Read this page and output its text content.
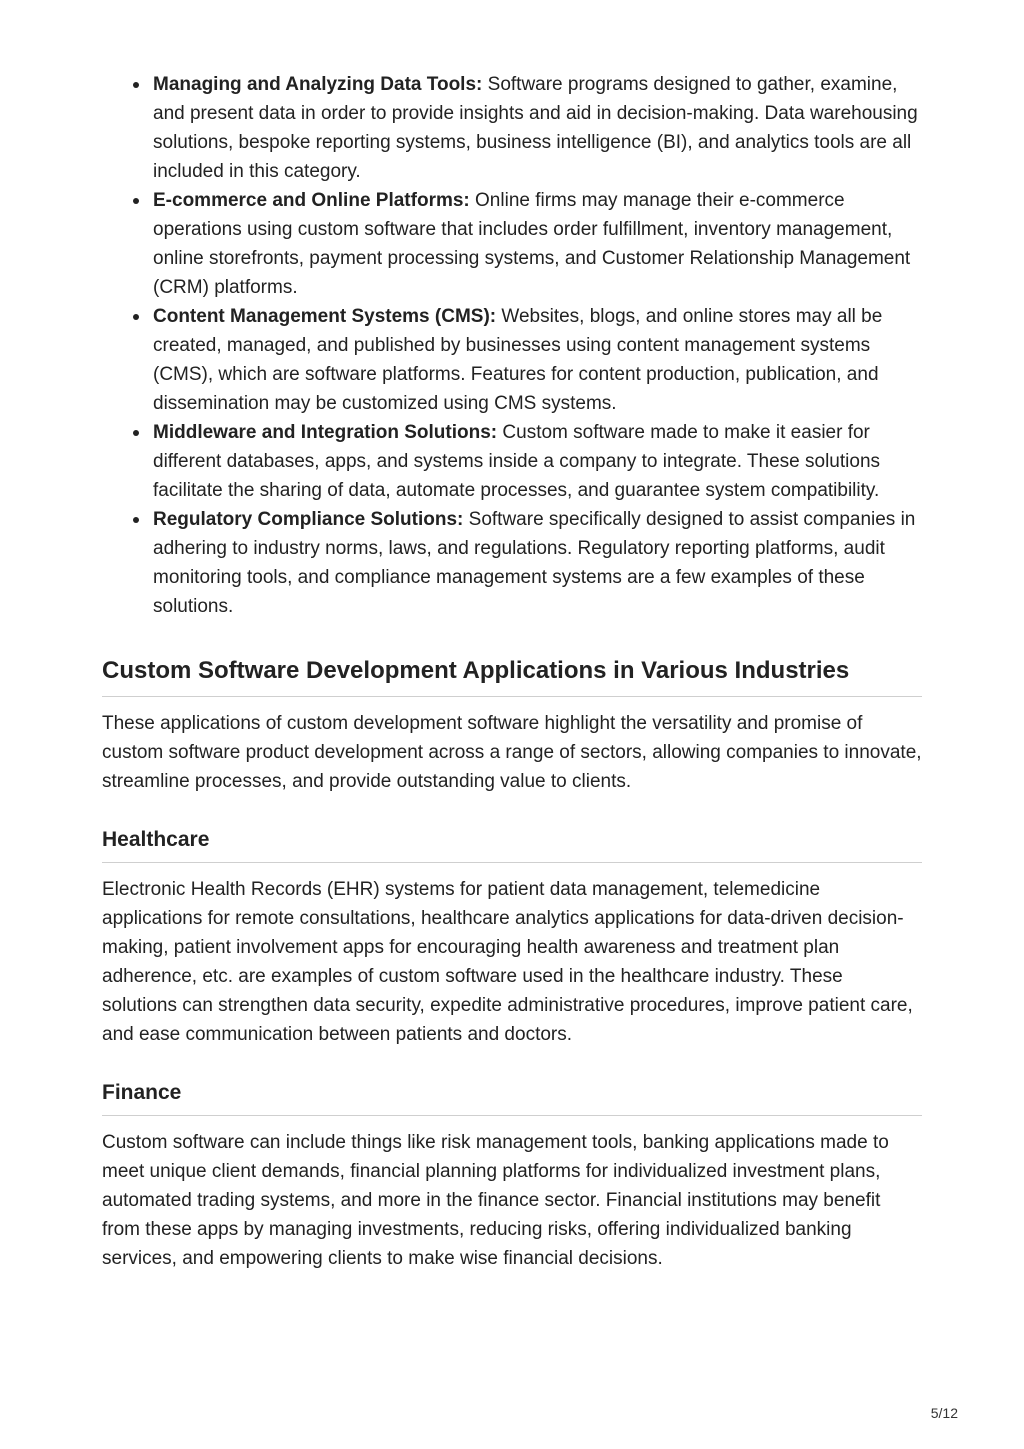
Managing and Analyzing Data Tools: Software programs designed to gather, examine, and present data in order to provide insights and aid in decision-making. Data warehousing solutions, bespoke reporting systems, business intelligence (BI), and analytics tools are all included in this category.
E-commerce and Online Platforms: Online firms may manage their e-commerce operations using custom software that includes order fulfillment, inventory management, online storefronts, payment processing systems, and Customer Relationship Management (CRM) platforms.
Content Management Systems (CMS): Websites, blogs, and online stores may all be created, managed, and published by businesses using content management systems (CMS), which are software platforms. Features for content production, publication, and dissemination may be customized using CMS systems.
Middleware and Integration Solutions: Custom software made to make it easier for different databases, apps, and systems inside a company to integrate. These solutions facilitate the sharing of data, automate processes, and guarantee system compatibility.
Regulatory Compliance Solutions: Software specifically designed to assist companies in adhering to industry norms, laws, and regulations. Regulatory reporting platforms, audit monitoring tools, and compliance management systems are a few examples of these solutions.
Custom Software Development Applications in Various Industries

These applications of custom development software highlight the versatility and promise of custom software product development across a range of sectors, allowing companies to innovate, streamline processes, and provide outstanding value to clients.

Healthcare

Electronic Health Records (EHR) systems for patient data management, telemedicine applications for remote consultations, healthcare analytics applications for data-driven decision-making, patient involvement apps for encouraging health awareness and treatment plan adherence, etc. are examples of custom software used in the healthcare industry. These solutions can strengthen data security, expedite administrative procedures, improve patient care, and ease communication between patients and doctors.

Finance

Custom software can include things like risk management tools, banking applications made to meet unique client demands, financial planning platforms for individualized investment plans, automated trading systems, and more in the finance sector. Financial institutions may benefit from these apps by managing investments, reducing risks, offering individualized banking services, and empowering clients to make wise financial decisions.

5/12
